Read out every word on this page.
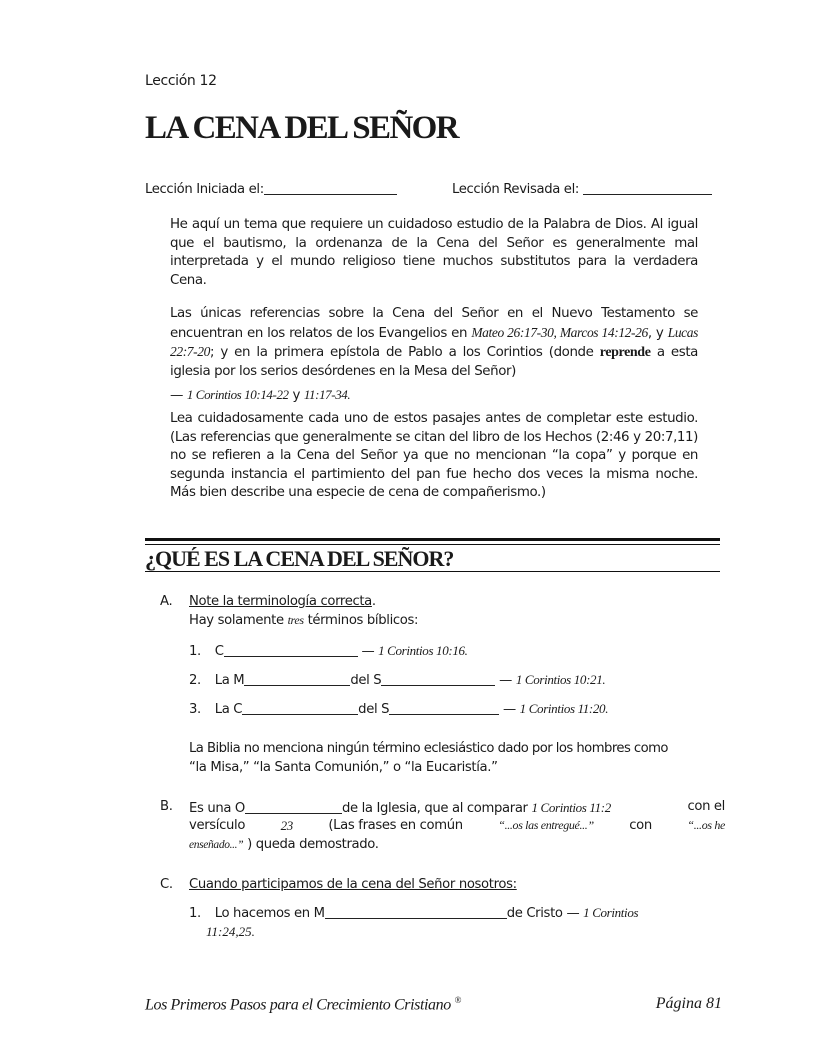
Lección 12
LA CENA DEL SEÑOR
Lección Iniciada el:	Lección Revisada el:
He aquí un tema que requiere un cuidadoso estudio de la Palabra de Dios. Al igual que el bautismo, la ordenanza de la Cena del Señor es generalmente mal interpretada y el mundo religioso tiene muchos substitutos para la verdadera Cena.
Las únicas referencias sobre la Cena del Señor en el Nuevo Testamento se encuentran en los relatos de los Evangelios en Mateo 26:17-30, Marcos 14:12-26, y Lucas 22:7-20; y en la primera epístola de Pablo a los Corintios (donde reprende a esta iglesia por los serios desórdenes en la Mesa del Señor)
— 1 Corintios 10:14-22 y 11:17-34.
Lea cuidadosamente cada uno de estos pasajes antes de completar este estudio. (Las referencias que generalmente se citan del libro de los Hechos (2:46 y 20:7,11) no se refieren a la Cena del Señor ya que no mencionan “la copa” y porque en segunda instancia el partimiento del pan fue hecho dos veces la misma noche. Más bien describe una especie de cena de compañerismo.)
¿QUÉ ES LA CENA DEL SEÑOR?
A. Note la terminología correcta.
Hay solamente tres términos bíblicos:
1. C	— 1 Corintios 10:16.
2. La M	del S	— 1 Corintios 10:21.
3. La C	del S	— 1 Corintios 11:20.
La Biblia no menciona ningún término eclesiástico dado por los hombres como
“la Misa,” “la Santa Comunión,” o “la Eucaristía.”
B. Es una O	de la Iglesia, que al comparar 1 Corintios 11:2	con el
versículo	23	(Las frases en común	“...os las entregué...”	con	“...os he
enseñado...” ) queda demostrado.
C. Cuando participamos de la cena del Señor nosotros:
1. Lo hacemos en M	de Cristo — 1 Corintios
11:24,25.
Los Primeros Pasos para el Crecimiento Cristiano ®	Página 81
